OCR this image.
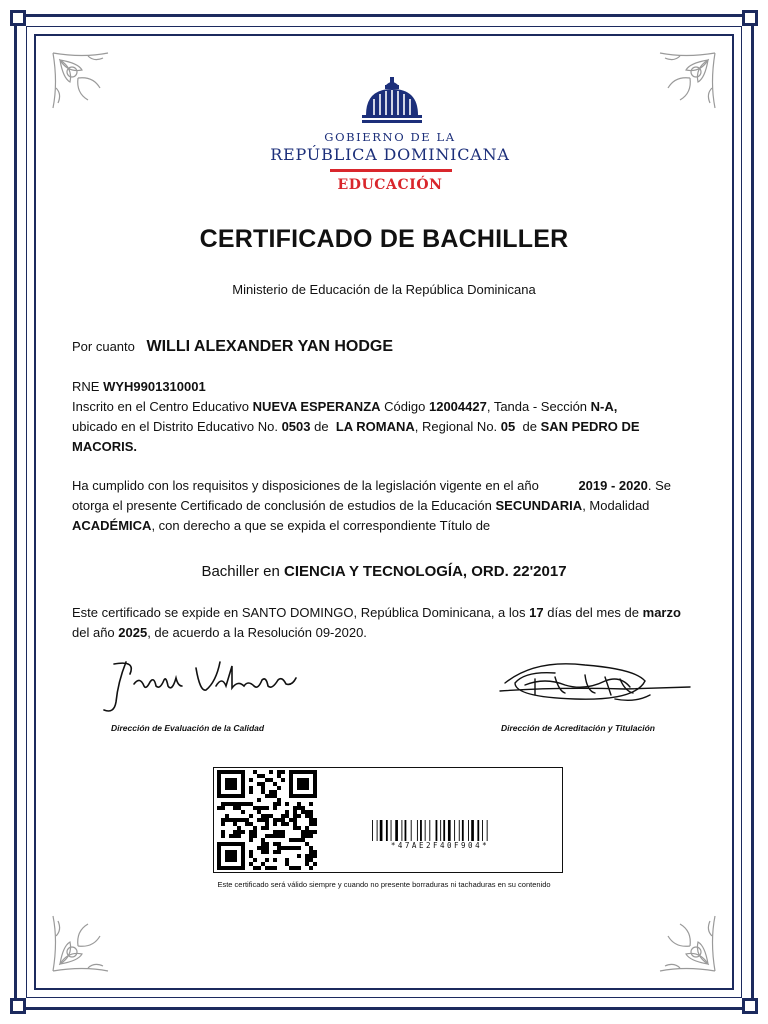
GOBIERNO DE LA
REPÚBLICA DOMINICANA
EDUCACIÓN
CERTIFICADO DE BACHILLER
Ministerio de Educación de la República Dominicana
Por cuanto WILLI ALEXANDER YAN HODGE
RNE WYH9901310001
Inscrito en el Centro Educativo NUEVA ESPERANZA Código 12004427, Tanda - Sección N-A,
ubicado en el Distrito Educativo No. 0503 de LA ROMANA, Regional No. 05 de SAN PEDRO DE MACORIS.
Ha cumplido con los requisitos y disposiciones de la legislación vigente en el año	2019 - 2020. Se otorga el presente Certificado de conclusión de estudios de la Educación SECUNDARIA, Modalidad ACADÉMICA, con derecho a que se expida el correspondiente Título de
Bachiller en CIENCIA Y TECNOLOGÍA, ORD. 22'2017
Este certificado se expide en SANTO DOMINGO, República Dominicana, a los 17 días del mes de marzo del año 2025, de acuerdo a la Resolución 09-2020.
Dirección de Evaluación de la Calidad	Dirección de Acreditación y Titulación
*47AE2F40F904*
Este certificado será válido siempre y cuando no presente borraduras ni tachaduras en su contenido
